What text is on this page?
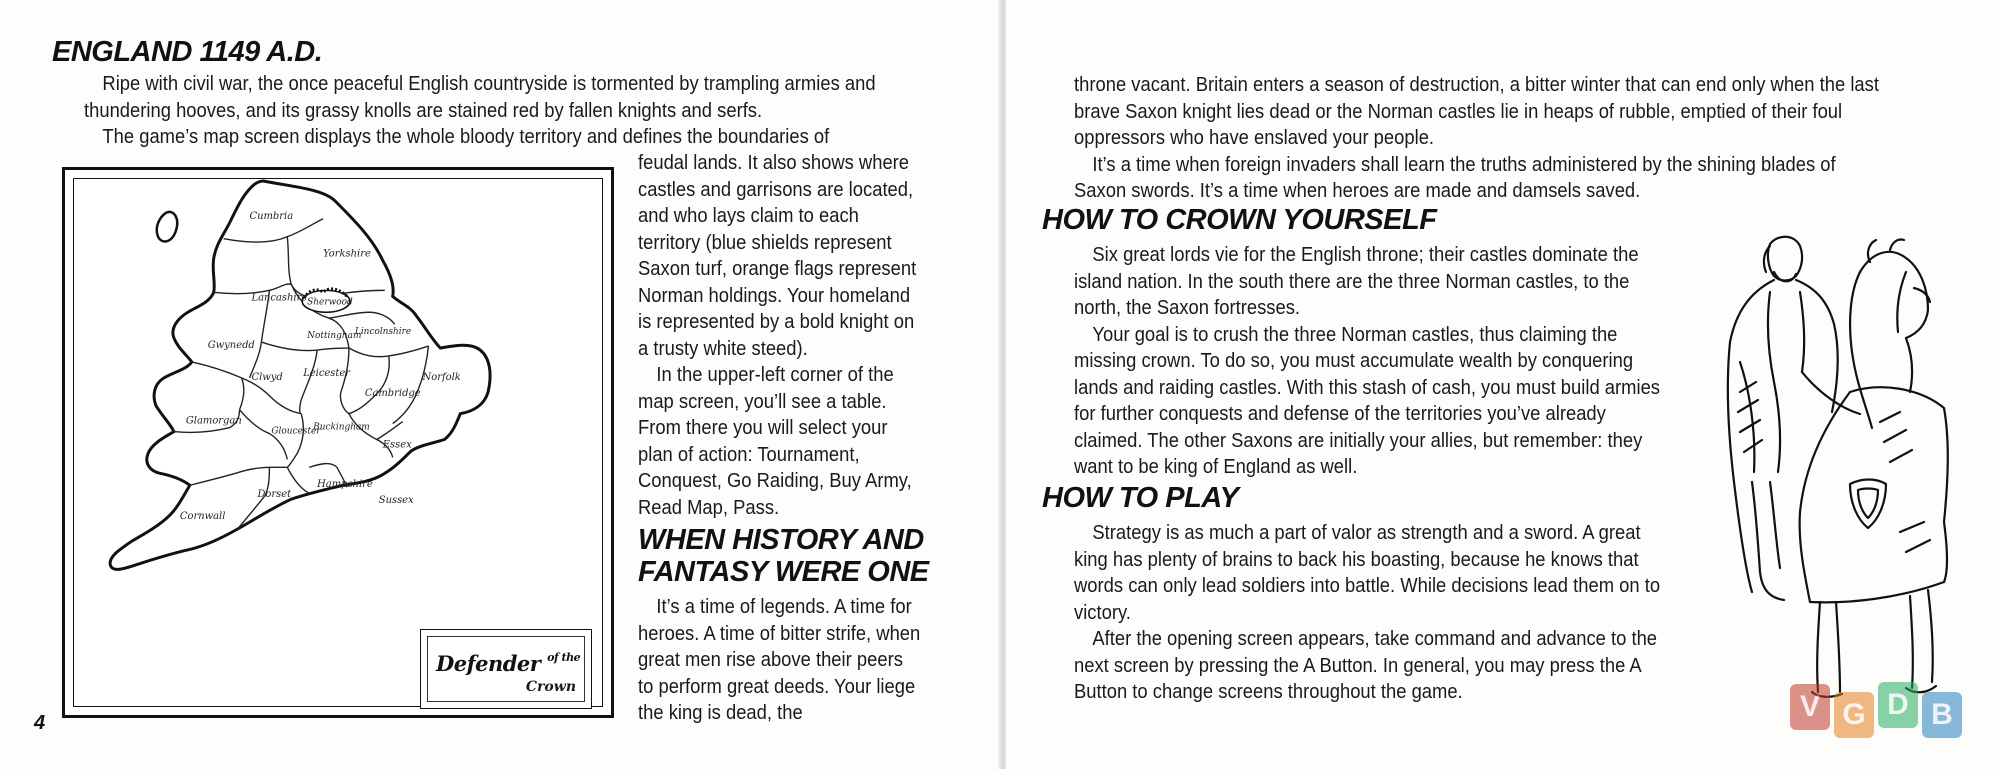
ENGLAND 1149 A.D.

Ripe with civil war, the once peaceful English countryside is tormented by trampling armies and thundering hooves, and its grassy knolls are stained red by fallen knights and serfs.

The game’s map screen displays the whole bloody territory and defines the boundaries of

Cumbria
Yorkshire
Lancashire Sherwood
Nottingham
Lincolnshire
Gwynedd
Clwyd Leicester	Norfolk
Cambridge
Glamorgan
Gloucester
Buckingham
Essex
Dorset
Hampshire
Sussex
Cornwall
Defender $^{of the}$
Crown

feudal lands. It also shows where castles and garrisons are located, and who lays claim to each territory (blue shields represent Saxon turf, orange flags represent Norman holdings. Your homeland is represented by a bold knight on a trusty white steed).

In the upper-left corner of the map screen, you’ll see a table. From there you will select your plan of action: Tournament, Conquest, Go Raiding, Buy Army, Read Map, Pass.

WHEN HISTORY AND FANTASY WERE ONE

It’s a time of legends. A time for heroes. A time of bitter strife, when great men rise above their peers to perform great deeds. Your liege the king is dead, the

4

throne vacant. Britain enters a season of destruction, a bitter winter that can end only when the last brave Saxon knight lies dead or the Norman castles lie in heaps of rubble, emptied of their foul oppressors who have enslaved your people.

It’s a time when foreign invaders shall learn the truths administered by the shining blades of Saxon swords. It’s a time when heroes are made and damsels saved.

HOW TO CROWN YOURSELF

Six great lords vie for the English throne; their castles dominate the island nation. In the south there are the three Norman castles, to the north, the Saxon fortresses.

Your goal is to crush the three Norman castles, thus claiming the missing crown. To do so, you must accumulate wealth by conquering lands and raiding castles. With this stash of cash, you must build armies for further conquests and defense of the territories you’ve already claimed. The other Saxons are initially your allies, but remember: they want to be king of England as well.

HOW TO PLAY

Strategy is as much a part of valor as strength and a sword. A great king has plenty of brains to back his boasting, because he knows that words can only lead soldiers into battle. While decisions lead them on to victory.

After the opening screen appears, take command and advance to the next screen by pressing the A Button. In general, you may press the A Button to change screens throughout the game.	V G D B
